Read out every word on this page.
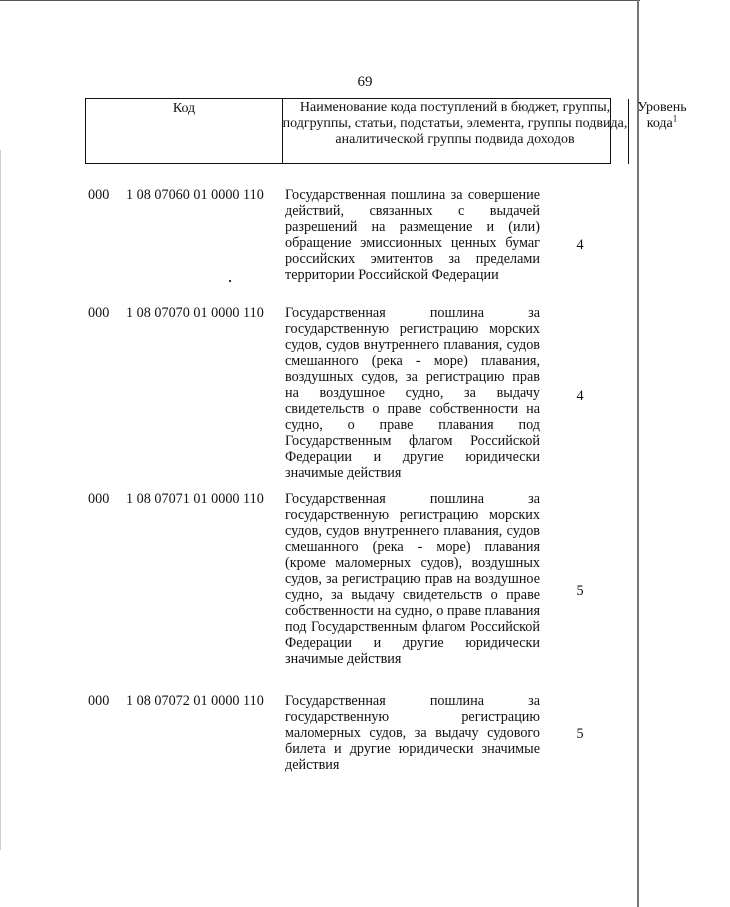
69
Код	Наименование кода поступлений в бюджет, группы, подгруппы, статьи, подстатьи, элемента, группы подвида, аналитической группы подвида доходов
Уровень кода$^1$
000 1 08 07060 01 0000 110 Государственная пошлина за совершение действий, связанных с выдачей разрешений на размещение и (или) обращение эмиссионных ценных бумаг российских эмитентов за пределами территории Российской Федерации
4
000 1 08 07070 01 0000 110 Государственная пошлина за государственную регистрацию морских судов, судов внутреннего плавания, судов смешанного (река - море) плавания, воздушных судов, за регистрацию прав на воздушное судно, за выдачу свидетельств о праве собственности на судно, о праве плавания под Государственным флагом Российской Федерации и другие юридически значимые действия
4
000 1 08 07071 01 0000 110 Государственная пошлина за государственную регистрацию морских судов, судов внутреннего плавания, судов смешанного (река - море) плавания (кроме маломерных судов), воздушных судов, за регистрацию прав на воздушное судно, за выдачу свидетельств о праве собственности на судно, о праве плавания под Государственным флагом Российской Федерации и другие юридически значимые действия
5
000 1 08 07072 01 0000 110 Государственная пошлина за государственную регистрацию маломерных судов, за выдачу судового билета и другие юридически значимые действия
5
